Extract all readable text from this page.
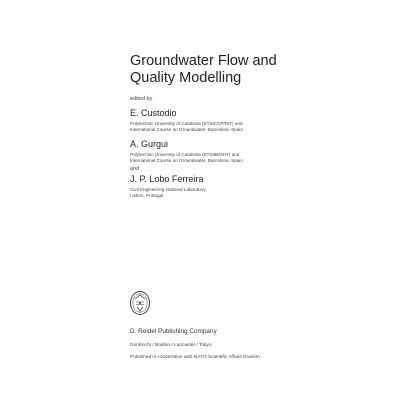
Groundwater Flow and
Quality Modelling
edited by
E. Custodio
Polytechnic University of Catalonia (ETSICCP/DIT) and
International Course on Groundwater, Barcelona, Spain
A. Gurgui
Polytechnic University of Catalonia (ETSIIB/DHT) and
International Course on Groundwater, Barcelona, Spain
and
J. P. Lobo Ferreira
Civil Engineering National Laboratory,
Lisbon, Portugal
D. Reidel Publishing Company
Dordrecht / Boston / Lancaster / Tokyo
Published in cooperation with NATO Scientific Affairs Division
